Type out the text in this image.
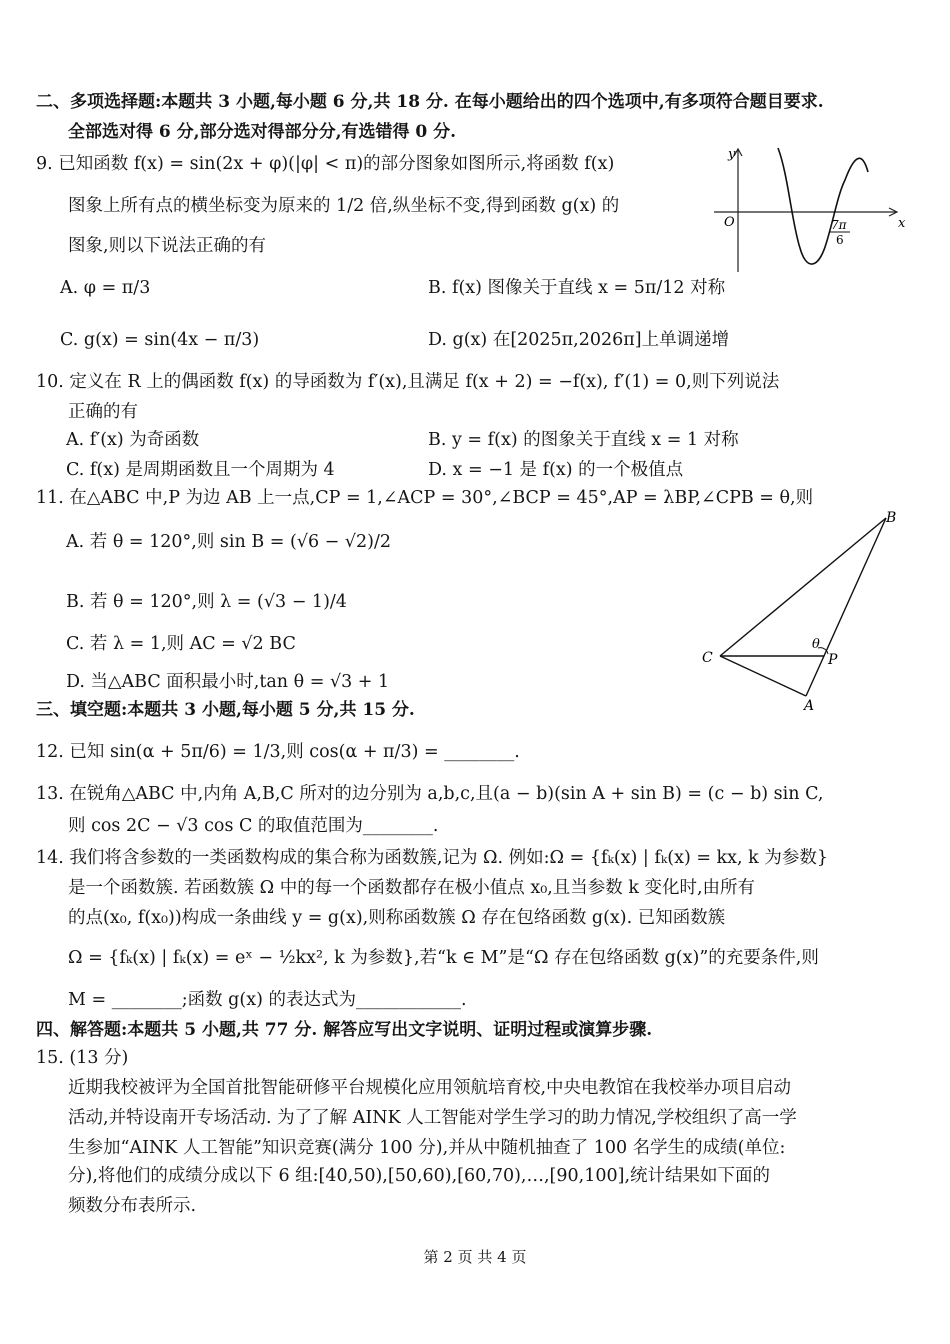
二、多项选择题:本题共 3 小题,每小题 6 分,共 18 分. 在每小题给出的四个选项中,有多项符合题目要求.
全部选对得 6 分,部分选对得部分分,有选错得 0 分.
9. 已知函数 f(x) = sin(2x + φ)(|φ| < π)的部分图象如图所示,将函数 f(x)
图象上所有点的横坐标变为原来的 1/2 倍,纵坐标不变,得到函数 g(x) 的
图象,则以下说法正确的有
A. φ = π/3	B. f(x) 图像关于直线 x = 5π/12 对称
C. g(x) = sin(4x − π/3)	D. g(x) 在[2025π,2026π]上单调递增
y
x
O	7π
6
10. 定义在 R 上的偶函数 f(x) 的导函数为 f′(x),且满足 f(x + 2) = −f(x), f′(1) = 0,则下列说法
正确的有
A. f′(x) 为奇函数	B. y = f(x) 的图象关于直线 x = 1 对称
C. f(x) 是周期函数且一个周期为 4	D. x = −1 是 f(x) 的一个极值点
11. 在△ABC 中,P 为边 AB 上一点,CP = 1,∠ACP = 30°,∠BCP = 45°,AP = λBP,∠CPB = θ,则
A. 若 θ = 120°,则 sin B = (√6 − √2)/2
B. 若 θ = 120°,则 λ = (√3 − 1)/4
C. 若 λ = 1,则 AC = √2 BC
D. 当△ABC 面积最小时,tan θ = √3 + 1
B
C	P
A
θ
三、填空题:本题共 3 小题,每小题 5 分,共 15 分.
12. 已知 sin(α + 5π/6) = 1/3,则 cos(α + π/3) = ________.
13. 在锐角△ABC 中,内角 A,B,C 所对的边分别为 a,b,c,且(a − b)(sin A + sin B) = (c − b) sin C,
则 cos 2C − √3 cos C 的取值范围为________.
14. 我们将含参数的一类函数构成的集合称为函数簇,记为 Ω. 例如:Ω = {fₖ(x) | fₖ(x) = kx, k 为参数}
是一个函数簇. 若函数簇 Ω 中的每一个函数都存在极小值点 x₀,且当参数 k 变化时,由所有
的点(x₀, f(x₀))构成一条曲线 y = g(x),则称函数簇 Ω 存在包络函数 g(x). 已知函数簇
Ω = {fₖ(x) | fₖ(x) = eˣ − ½kx², k 为参数},若“k ∈ M”是“Ω 存在包络函数 g(x)”的充要条件,则
M = ________;函数 g(x) 的表达式为____________.
四、解答题:本题共 5 小题,共 77 分. 解答应写出文字说明、证明过程或演算步骤.
15. (13 分)
近期我校被评为全国首批智能研修平台规模化应用领航培育校,中央电教馆在我校举办项目启动
活动,并特设南开专场活动. 为了了解 AINK 人工智能对学生学习的助力情况,学校组织了高一学
生参加“AINK 人工智能”知识竞赛(满分 100 分),并从中随机抽查了 100 名学生的成绩(单位:
分),将他们的成绩分成以下 6 组:[40,50),[50,60),[60,70),…,[90,100],统计结果如下面的
频数分布表所示.
第 2 页 共 4 页
